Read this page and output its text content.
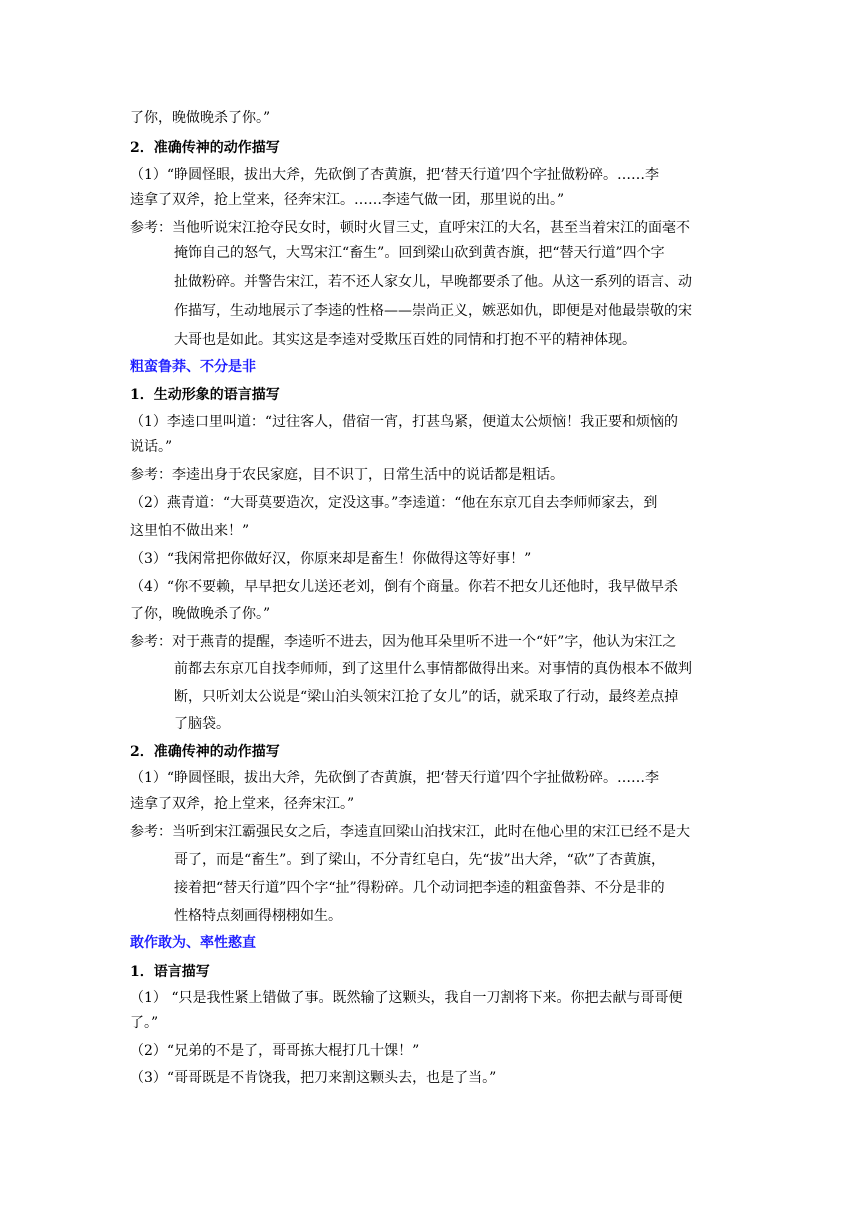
了你，晚做晚杀了你。”
2．准确传神的动作描写
（1）“睁圆怪眼，拔出大斧，先砍倒了杏黄旗，把‘替天行道’四个字扯做粉碎。……李
逵拿了双斧，抢上堂来，径奔宋江。……李逵气做一团，那里说的出。”
参考：当他听说宋江抢夺民女时，顿时火冒三丈，直呼宋江的大名，甚至当着宋江的面毫不
掩饰自己的怒气，大骂宋江“畜生”。回到梁山砍到黄杏旗，把“替天行道”四个字
扯做粉碎。并警告宋江，若不还人家女儿，早晚都要杀了他。从这一系列的语言、动
作描写，生动地展示了李逵的性格——崇尚正义，嫉恶如仇，即便是对他最崇敬的宋
大哥也是如此。其实这是李逵对受欺压百姓的同情和打抱不平的精神体现。
粗蛮鲁莽、不分是非
1．生动形象的语言描写
（1）李逵口里叫道：“过往客人，借宿一宵，打甚鸟紧，便道太公烦恼！我正要和烦恼的
说话。”
参考：李逵出身于农民家庭，目不识丁，日常生活中的说话都是粗话。
（2）燕青道：“大哥莫要造次，定没这事。”李逵道：“他在东京兀自去李师师家去，到
这里怕不做出来！”
（3）“我闲常把你做好汉，你原来却是畜生！你做得这等好事！”
（4）“你不要赖，早早把女儿送还老刘，倒有个商量。你若不把女儿还他时，我早做早杀
了你，晚做晚杀了你。”
参考：对于燕青的提醒，李逵听不进去，因为他耳朵里听不进一个“奸”字，他认为宋江之
前都去东京兀自找李师师，到了这里什么事情都做得出来。对事情的真伪根本不做判
断，只听刘太公说是“梁山泊头领宋江抢了女儿”的话，就采取了行动，最终差点掉
了脑袋。
2．准确传神的动作描写
（1）“睁圆怪眼，拔出大斧，先砍倒了杏黄旗，把‘替天行道’四个字扯做粉碎。……李
逵拿了双斧，抢上堂来，径奔宋江。”
参考：当听到宋江霸强民女之后，李逵直回梁山泊找宋江，此时在他心里的宋江已经不是大
哥了，而是“畜生”。到了梁山，不分青红皂白，先“拔”出大斧，“砍”了杏黄旗，
接着把“替天行道”四个字“扯”得粉碎。几个动词把李逵的粗蛮鲁莽、不分是非的
性格特点刻画得栩栩如生。
敢作敢为、率性憨直
1．语言描写
（1） “只是我性紧上错做了事。既然输了这颗头，我自一刀割将下来。你把去献与哥哥便
了。”
（2）“兄弟的不是了，哥哥拣大棍打几十馃！”
（3）“哥哥既是不肯饶我，把刀来割这颗头去，也是了当。”
